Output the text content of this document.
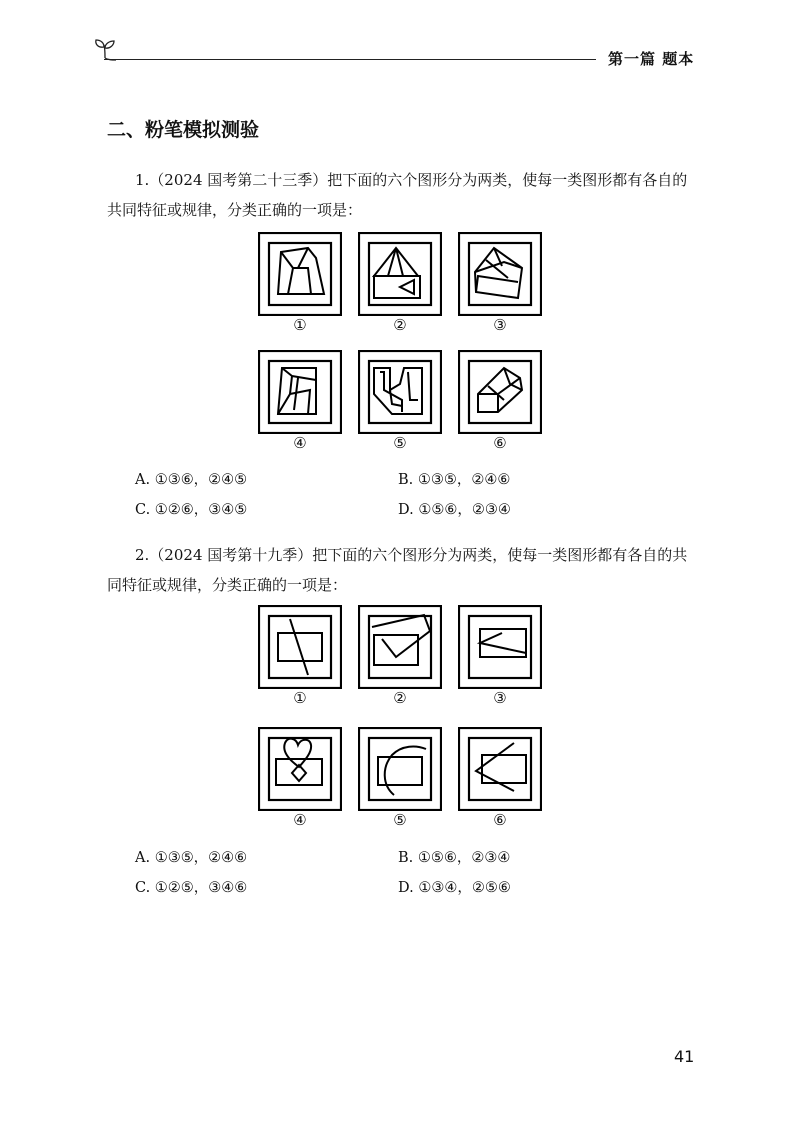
第一篇 题本
二、粉笔模拟测验
1.（2024 国考第二十三季）把下面的六个图形分为两类，使每一类图形都有各自的共同特征或规律，分类正确的一项是：
①	②	③
④	⑤	⑥
A. ①③⑥，②④⑤	B. ①③⑤，②④⑥
C. ①②⑥，③④⑤	D. ①⑤⑥，②③④
2.（2024 国考第十九季）把下面的六个图形分为两类，使每一类图形都有各自的共同特征或规律，分类正确的一项是：
①	②	③
④	⑤	⑥
A. ①③⑤，②④⑥	B. ①⑤⑥，②③④
C. ①②⑤，③④⑥	D. ①③④，②⑤⑥
41
